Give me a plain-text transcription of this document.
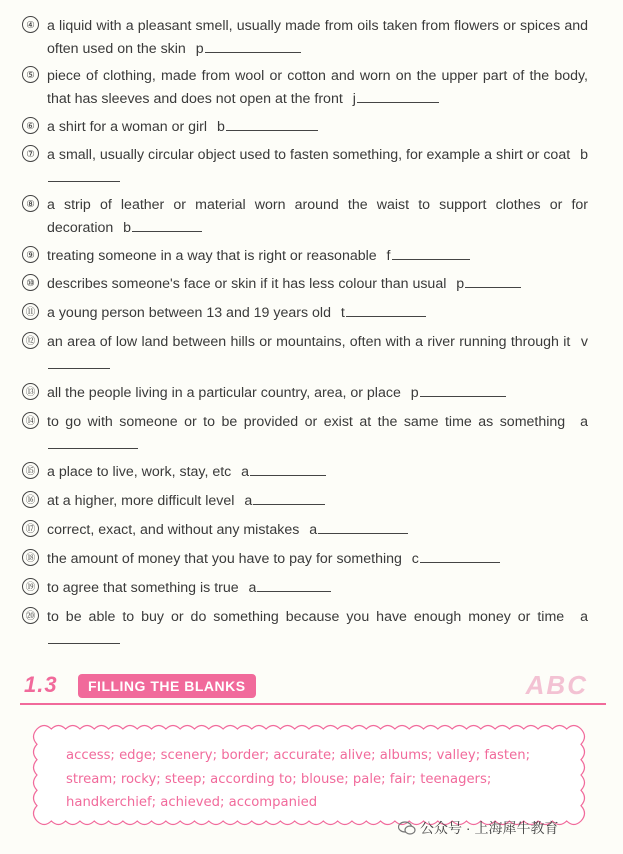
④ a liquid with a pleasant smell, usually made from oils taken from flowers or spices and often used on the skin p
⑤ piece of clothing, made from wool or cotton and worn on the upper part of the body, that has sleeves and does not open at the front j
⑥ a shirt for a woman or girl b
⑦ a small, usually circular object used to fasten something, for example a shirt or coat b
⑧ a strip of leather or material worn around the waist to support clothes or for decoration b
⑨ treating someone in a way that is right or reasonable f
⑩ describes someone's face or skin if it has less colour than usual p
⑪ a young person between 13 and 19 years old t
⑫ an area of low land between hills or mountains, often with a river running through it v
⑬ all the people living in a particular country, area, or place p
⑭ to go with someone or to be provided or exist at the same time as something a
⑮ a place to live, work, stay, etc a
⑯ at a higher, more difficult level a
⑰ correct, exact, and without any mistakes a
⑱ the amount of money that you have to pay for something c
⑲ to agree that something is true a
⑳ to be able to buy or do something because you have enough money or time a
1.3	FILLING THE BLANKS	ABC
access; edge; scenery; border; accurate; alive; albums; valley; fasten; stream; rocky; steep; according to; blouse; pale; fair; teenagers; handkerchief; achieved; accompanied
公众号 · 上海犀牛教育
